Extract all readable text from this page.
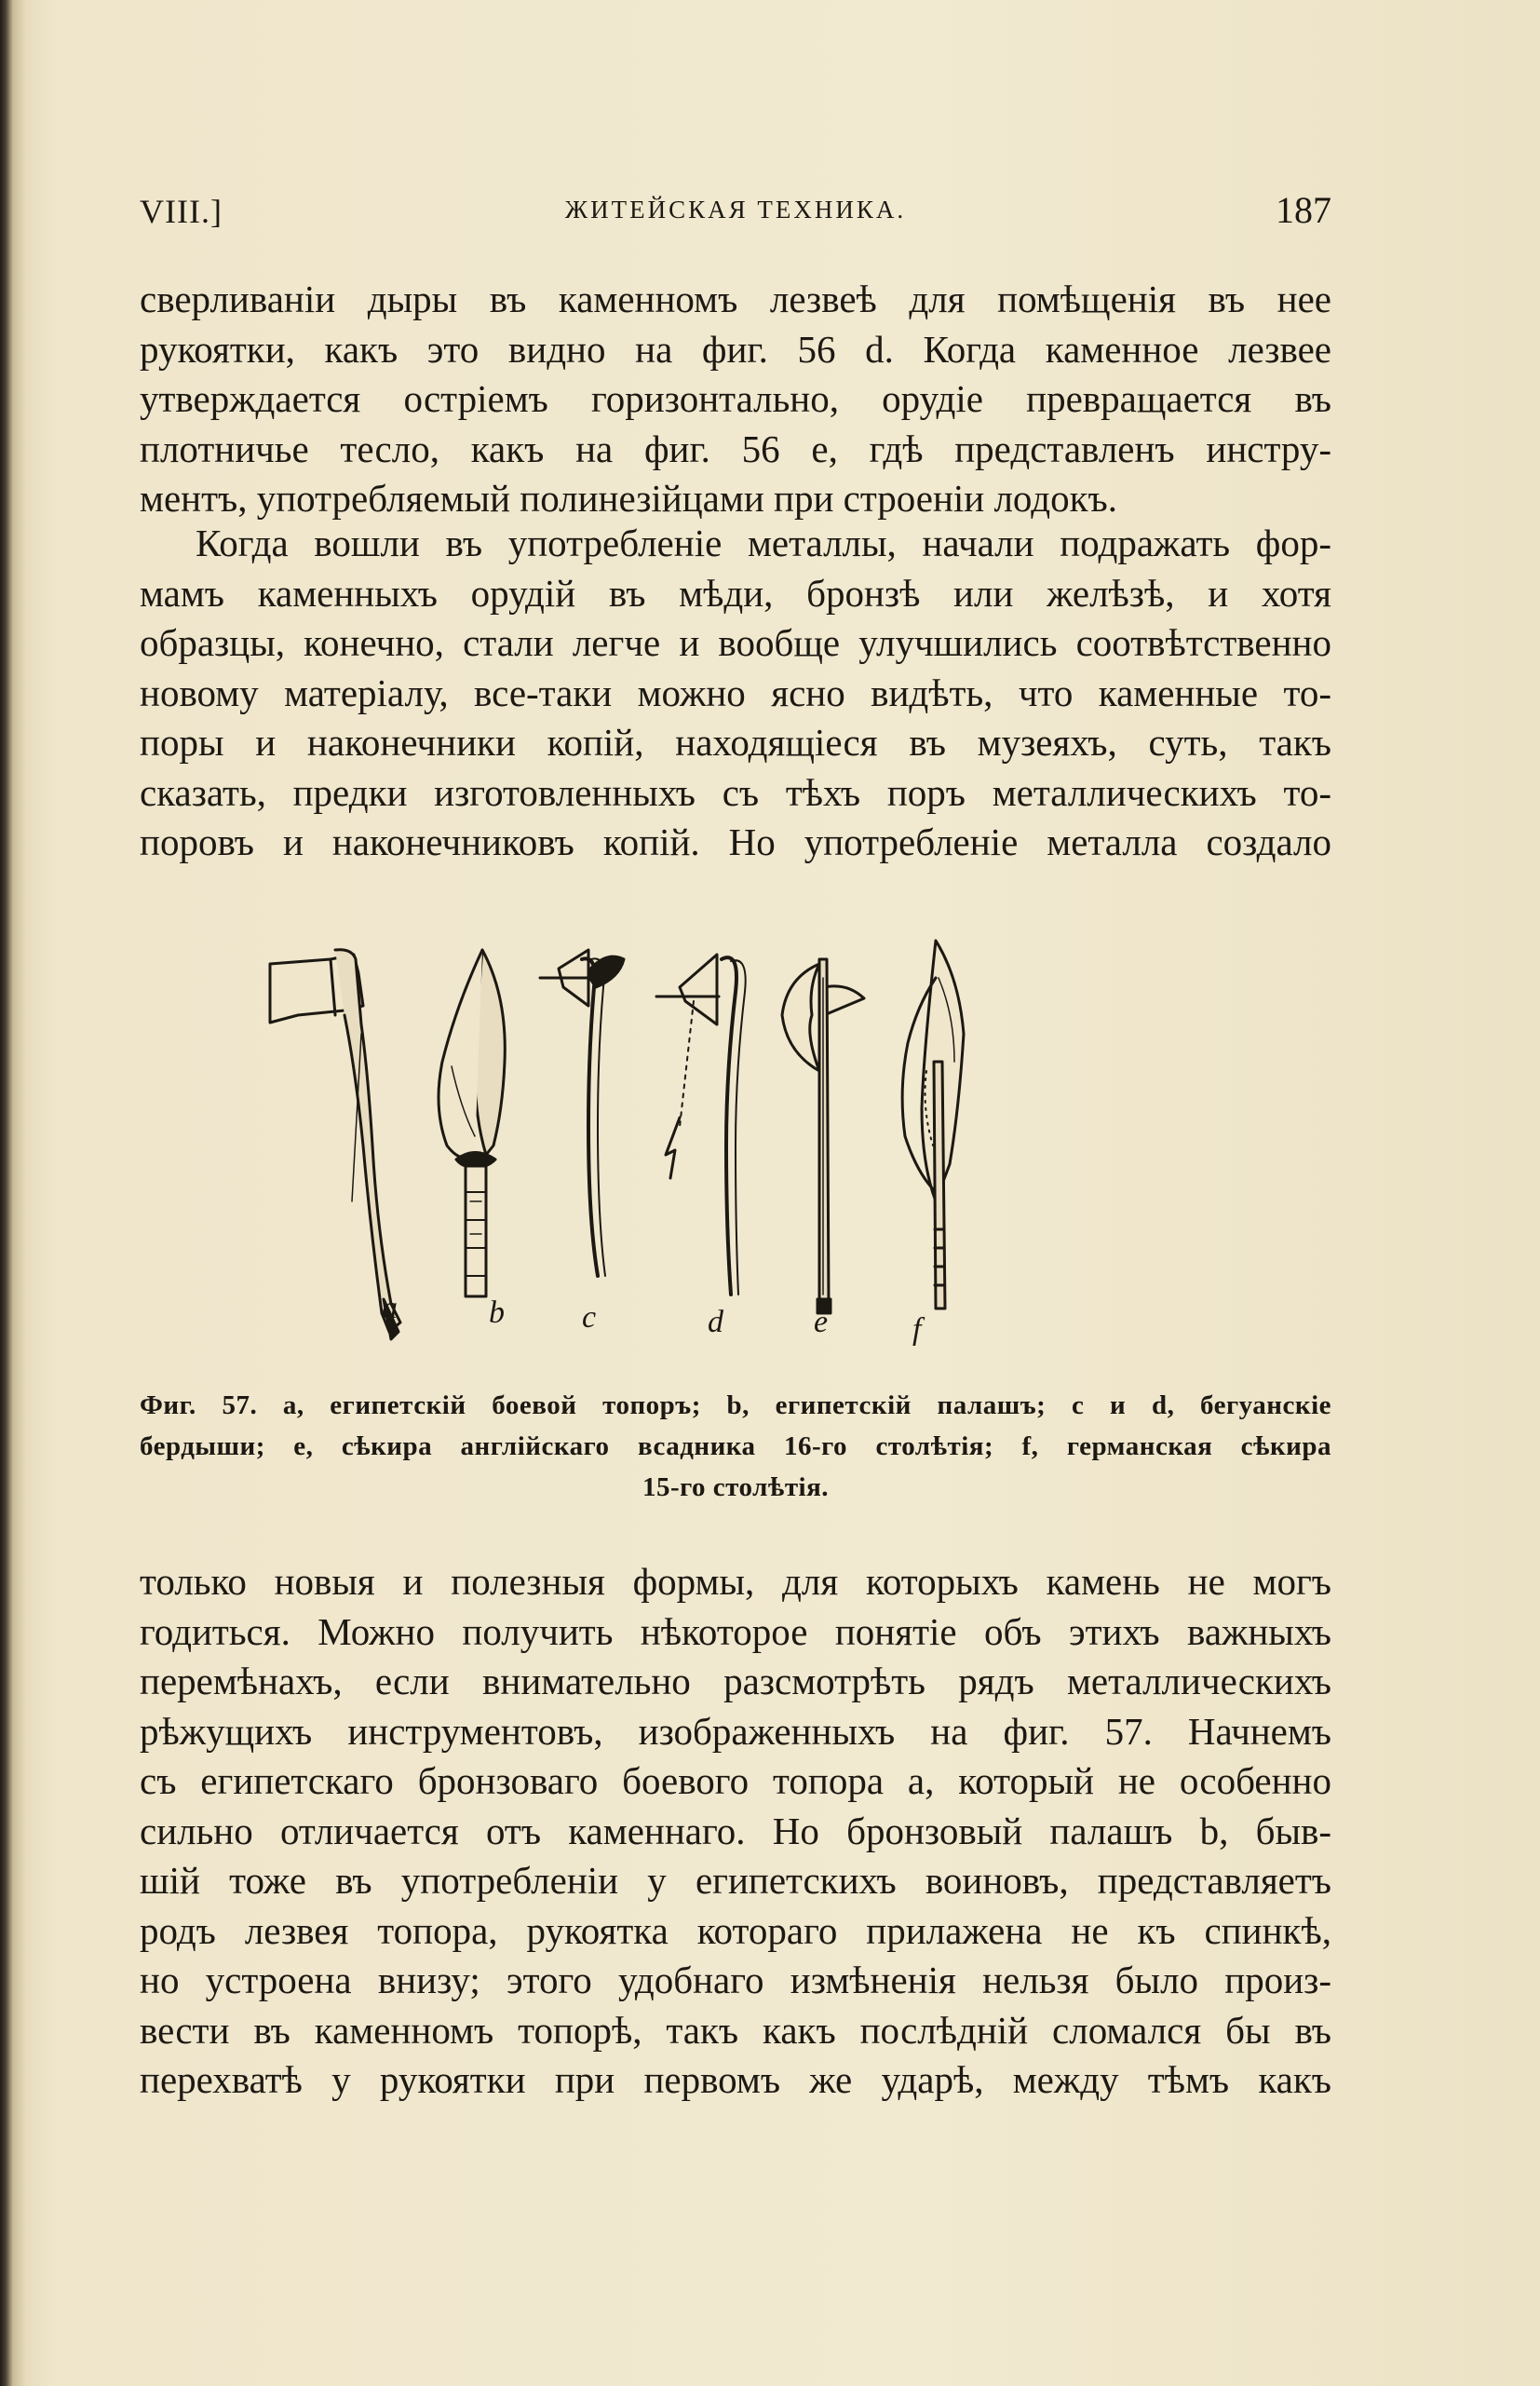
VIII.]	ЖИТЕЙСКАЯ ТЕХНИКА.	187
сверливаніи дыры въ каменномъ лезвеѣ для помѣщенія въ нее
рукоятки, какъ это видно на фиг. 56 d. Когда каменное лезвее
утверждается остріемъ горизонтально, орудіе превращается въ
плотничье тесло, какъ на фиг. 56 e, гдѣ представленъ инстру-
ментъ, употребляемый полинезійцами при строеніи лодокъ.
Когда вошли въ употребленіе металлы, начали подражать фор-
мамъ каменныхъ орудій въ мѣди, бронзѣ или желѣзѣ, и хотя
образцы, конечно, стали легче и вообще улучшились соотвѣтственно
новому матеріалу, все-таки можно ясно видѣть, что каменные то-
поры и наконечники копій, находящіеся въ музеяхъ, суть, такъ
сказать, предки изготовленныхъ съ тѣхъ поръ металлическихъ то-
поровъ и наконечниковъ копій. Но употребленіе металла создало
a	b c	d	e	f
Фиг. 57. a, египетскій боевой топоръ; b, египетскій палашъ; c и d, бегуанскіе
бердыши; e, сѣкира англійскаго всадника 16-го столѣтія; f, германская сѣкира
15-го столѣтія.
только новыя и полезныя формы, для которыхъ камень не могъ
годиться. Можно получить нѣкоторое понятіе объ этихъ важныхъ
перемѣнахъ, если внимательно разсмотрѣть рядъ металлическихъ
рѣжущихъ инструментовъ, изображенныхъ на фиг. 57. Начнемъ
съ египетскаго бронзоваго боевого топора a, который не особенно
сильно отличается отъ каменнаго. Но бронзовый палашъ b, быв-
шій тоже въ употребленіи у египетскихъ воиновъ, представляетъ
родъ лезвея топора, рукоятка котораго прилажена не къ спинкѣ,
но устроена внизу; этого удобнаго измѣненія нельзя было произ-
вести въ каменномъ топорѣ, такъ какъ послѣдній сломался бы въ
перехватѣ у рукоятки при первомъ же ударѣ, между тѣмъ какъ
